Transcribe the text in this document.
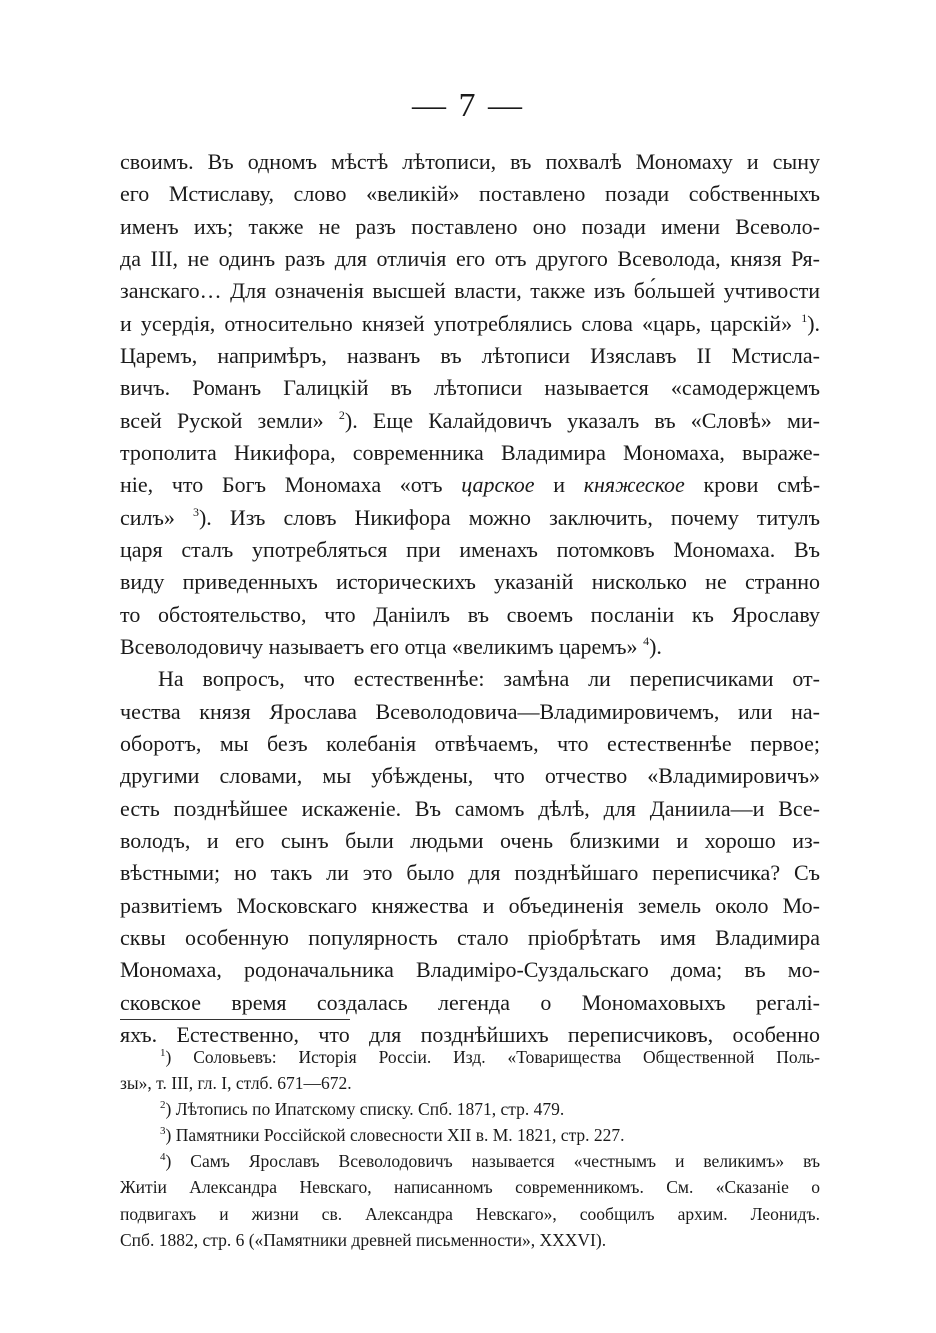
— 7 —
своимъ. Въ одномъ мѣстѣ лѣтописи, въ похвалѣ Мономаху и сыну
его Мстиславу, слово «великiй» поставлено позади собственныхъ
именъ ихъ; также не разъ поставлено оно позади имени Всеволо-
да III, не одинъ разъ для отличiя его отъ другого Всеволода, князя Ря-
занскаго… Для означенiя высшей власти, также изъ бо́льшей учтивости
и усердiя, относительно князей употреблялись слова «царь, царскiй» $^1$).
Царемъ, напримѣръ, названъ въ лѣтописи Изяславъ II Мстисла-
вичъ. Романъ Галицкiй въ лѣтописи называется «самодержцемъ
всей Руской земли» $^2$). Еще Калайдовичъ указалъ въ «Словѣ» ми-
трополита Никифора, современника Владимира Мономаха, выраже-
нiе, что Богъ Мономаха «отъ царское и княжеское крови смѣ-
силъ» $^3$). Изъ словъ Никифора можно заключить, почему титулъ
царя сталъ употребляться при именахъ потомковъ Мономаха. Въ
виду приведенныхъ историческихъ указанiй нисколько не странно
то обстоятельство, что Данiилъ въ своемъ посланiи къ Ярославу
Всеволодовичу называетъ его отца «великимъ царемъ» $^4$).
На вопросъ, что естественнѣе: замѣна ли переписчиками от-
чества князя Ярослава Всеволодовича—Владимировичемъ, или на-
оборотъ, мы безъ колебанiя отвѣчаемъ, что естественнѣе первое;
другими словами, мы убѣждены, что отчество «Владимировичъ»
есть позднѣйшее искаженiе. Въ самомъ дѣлѣ, для Даниила—и Все-
володъ, и его сынъ были людьми очень близкими и хорошо из-
вѣстными; но такъ ли это было для позднѣйшаго переписчика? Съ
развитiемъ Московскаго княжества и объединенiя земель около Мо-
сквы особенную популярность стало прiобрѣтать имя Владимира
Мономаха, родоначальника Владимiро-Суздальскаго дома; въ мо-
сковское время создалась легенда о Мономаховыхъ регалi-
яхъ. Естественно, что для позднѣйшихъ переписчиковъ, особенно
$^1$) Соловьевъ: Исторiя Россiи. Изд. «Товарищества Общественной Поль-
зы», т. III, гл. I, стлб. 671—672.
$^2$) Лѣтопись по Ипатскому списку. Спб. 1871, стр. 479.
$^3$) Памятники Россiйской словесности XII в. М. 1821, стр. 227.
$^4$) Самъ Ярославъ Всеволодовичъ называется «честнымъ и великимъ» въ
Житiи Александра Невскаго, написанномъ современникомъ. См. «Сказанiе о
подвигахъ и жизни св. Александра Невскаго», сообщилъ архим. Леонидъ.
Спб. 1882, стр. 6 («Памятники древней письменности», XXXVI).
